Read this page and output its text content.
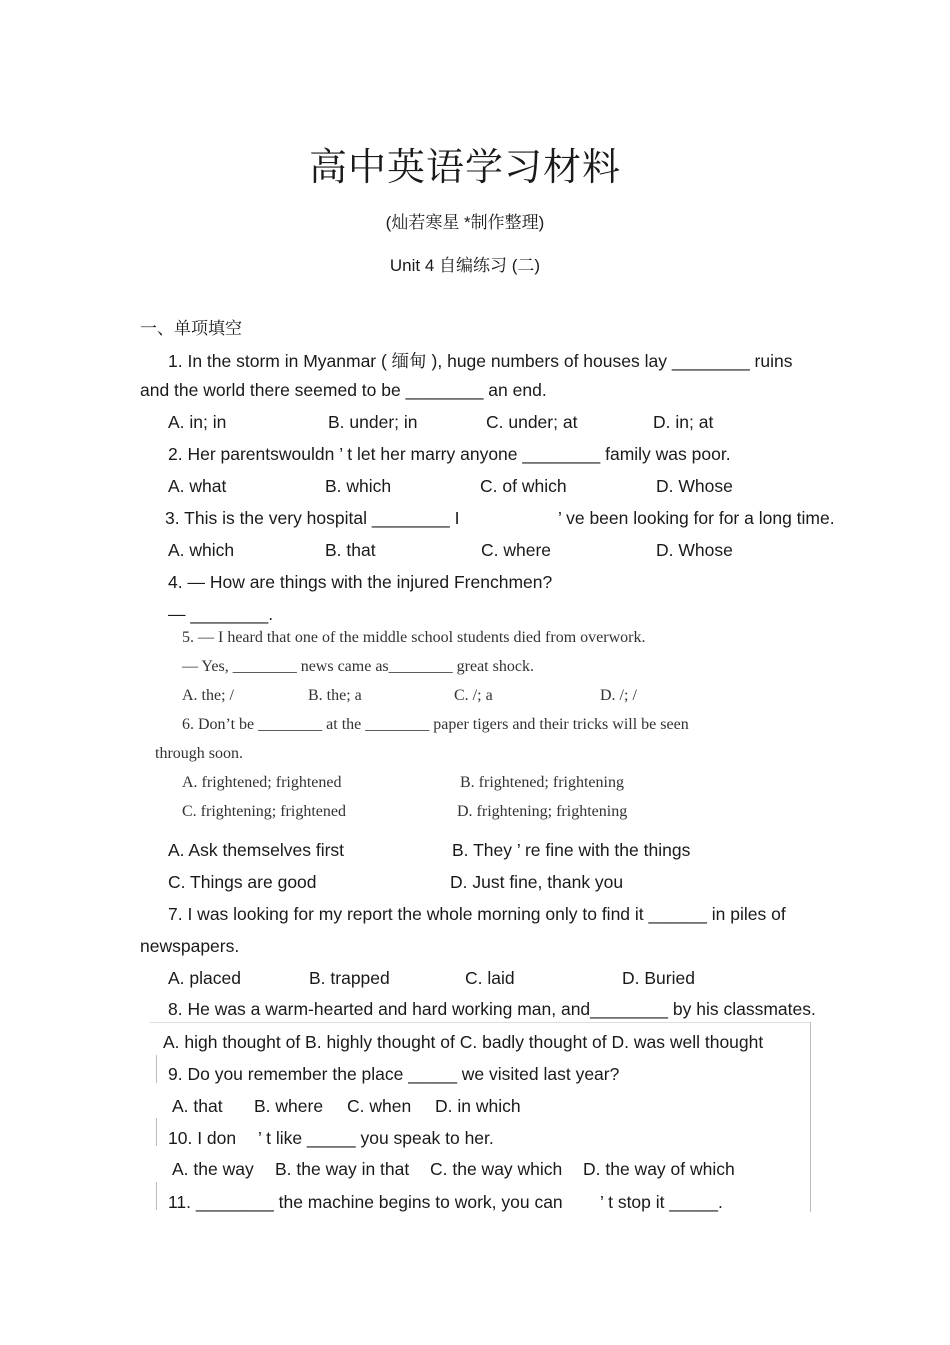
高中英语学习材料
(灿若寒星 *制作整理)
Unit 4 自编练习 (二)
一、单项填空
1. In the storm in Myanmar ( 缅甸 ), huge numbers of houses lay ________ ruins
and the world there seemed to be ________ an end.
A. in; in	B. under; in	C. under; at	D. in; at
2. Her parentswouldn ’ t let her marry anyone ________ family was poor.
A. what	B. which	C. of which	D. Whose
3. This is the very hospital ________ I	’ ve been looking for for a long time.
A. which	B. that	C. where	D. Whose
4. — How are things with the injured Frenchmen?
— ________.
5. — I heard that one of the middle school students died from overwork.
— Yes, ________ news came as________ great shock.
A. the; /	B. the; a	C. /; a	D. /; /
6. Don’t be ________ at the ________ paper tigers and their tricks will be seen
through soon.
A. frightened; frightened	B. frightened; frightening
C. frightening; frightened	D. frightening; frightening
A. Ask themselves first	B. They ’ re fine with the things
C. Things are good	D. Just fine, thank you
7. I was looking for my report the whole morning only to find it ______ in piles of
newspapers.
A. placed	B. trapped	C. laid	D. Buried
8. He was a warm-hearted and hard working man, and________ by his classmates.
A. high thought of B. highly thought of C. badly thought of D. was well thought
9. Do you remember the place _____ we visited last year?
A. that B. where C. when D. in which
10. I don ’ t like _____ you speak to her.
A. the way B. the way in that C. the way which D. the way of which
11. ________ the machine begins to work, you can ’ t stop it _____.
